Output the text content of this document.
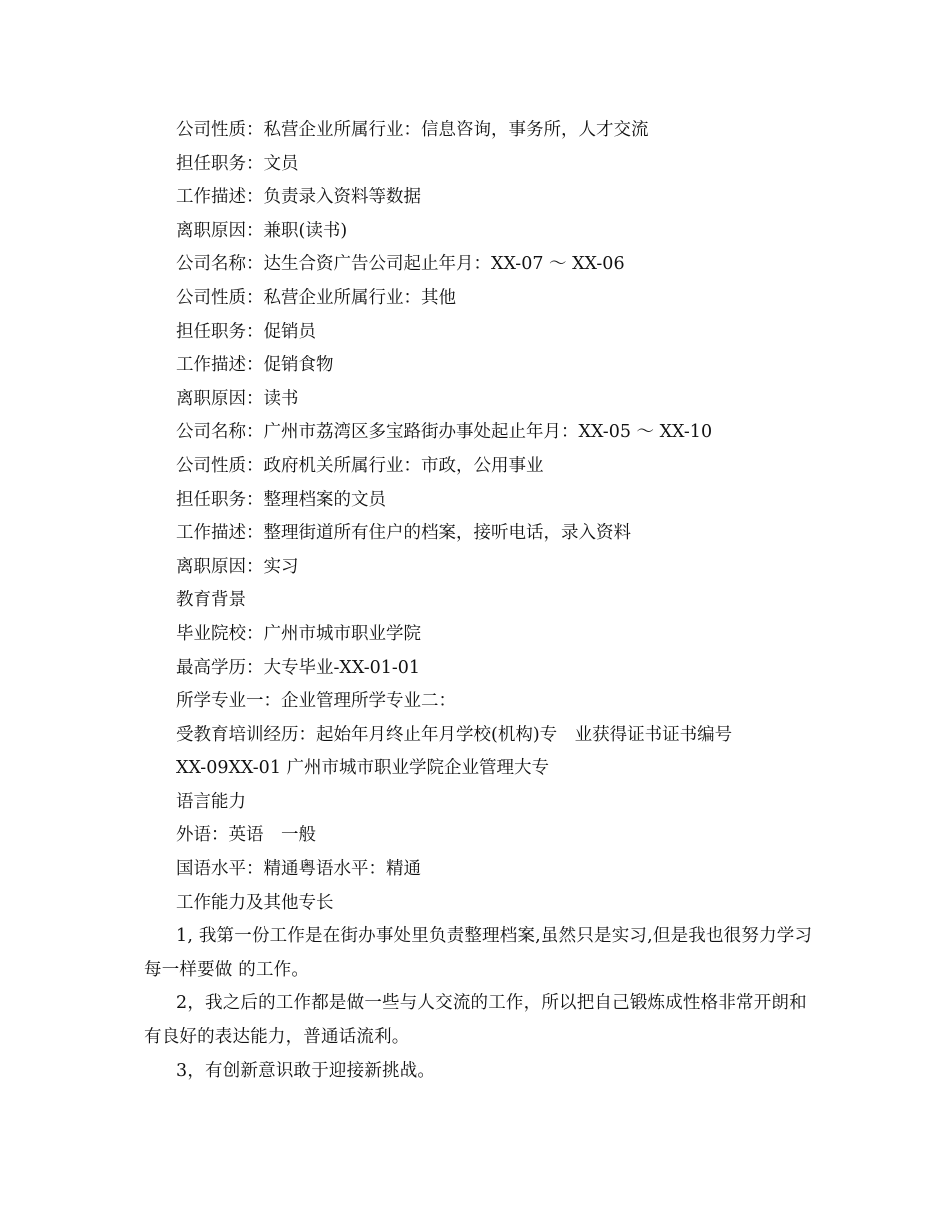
公司性质：私营企业所属行业：信息咨询，事务所，人才交流
担任职务：文员
工作描述：负责录入资料等数据
离职原因：兼职(读书)
公司名称：达生合资广告公司起止年月：XX-07 ～ XX-06
公司性质：私营企业所属行业：其他
担任职务：促销员
工作描述：促销食物
离职原因：读书
公司名称：广州市荔湾区多宝路街办事处起止年月：XX-05 ～ XX-10
公司性质：政府机关所属行业：市政，公用事业
担任职务：整理档案的文员
工作描述：整理街道所有住户的档案，接听电话，录入资料
离职原因：实习
教育背景
毕业院校：广州市城市职业学院
最高学历：大专毕业-XX-01-01
所学专业一：企业管理所学专业二：
受教育培训经历：起始年月终止年月学校(机构)专　业获得证书证书编号
XX-09XX-01 广州市城市职业学院企业管理大专
语言能力
外语：英语　一般
国语水平：精通粤语水平：精通
工作能力及其他专长
1, 我第一份工作是在街办事处里负责整理档案,虽然只是实习,但是我也很努力学习每一样要做 的工作。
2，我之后的工作都是做一些与人交流的工作，所以把自己锻炼成性格非常开朗和有良好的表达能力，普通话流利。
3，有创新意识敢于迎接新挑战。
